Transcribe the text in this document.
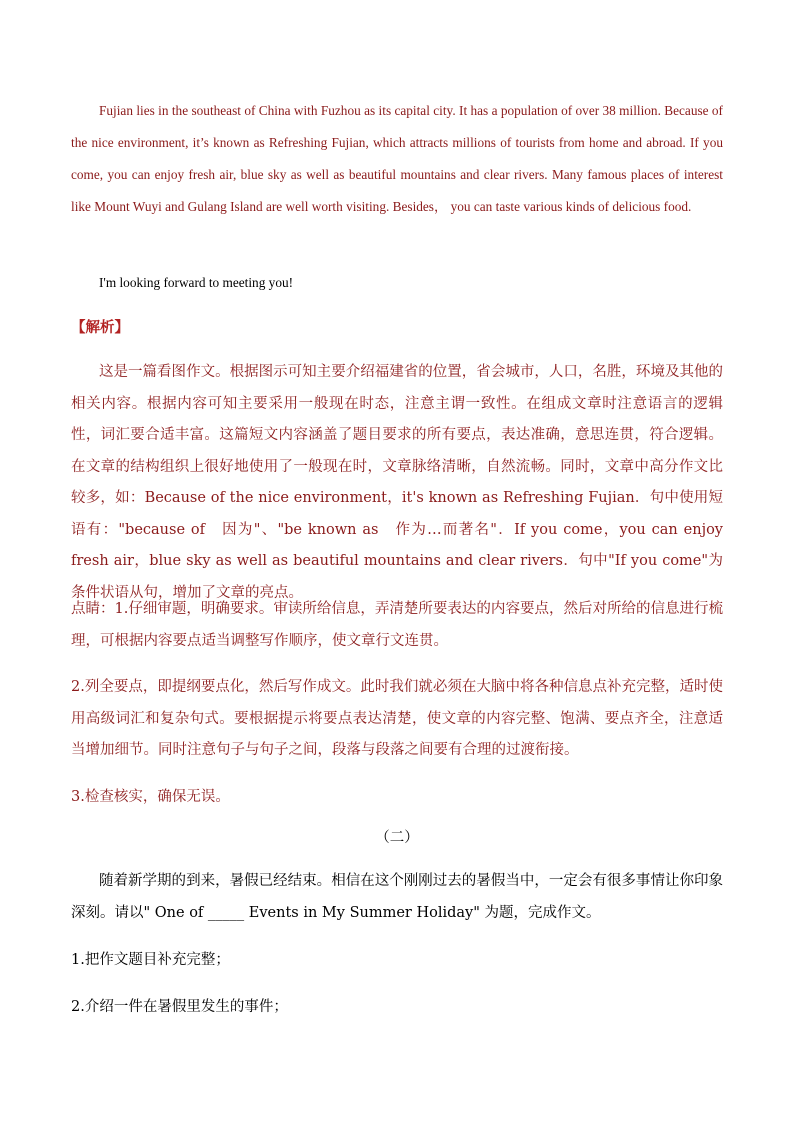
Fujian lies in the southeast of China with Fuzhou as its capital city. It has a population of over 38 million. Because of the nice environment, it’s known as Refreshing Fujian, which attracts millions of tourists from home and abroad. If you come, you can enjoy fresh air, blue sky as well as beautiful mountains and clear rivers. Many famous places of interest like Mount Wuyi and Gulang Island are well worth visiting. Besides， you can taste various kinds of delicious food.

I'm looking forward to meeting you!

【解析】

这是一篇看图作文。根据图示可知主要介绍福建省的位置，省会城市，人口，名胜，环境及其他的相关内容。根据内容可知主要采用一般现在时态，注意主谓一致性。在组成文章时注意语言的逻辑性，词汇要合适丰富。这篇短文内容涵盖了题目要求的所有要点，表达准确，意思连贯，符合逻辑。在文章的结构组织上很好地使用了一般现在时，文章脉络清晰，自然流畅。同时，文章中高分作文比较多，如：Because of the nice environment，it's known as Refreshing Fujian．句中使用短语有："because of　因为"、"be known as　作为…而著名"．If you come，you can enjoy fresh air，blue sky as well as beautiful mountains and clear rivers．句中"If you come"为条件状语从句，增加了文章的亮点。

点睛：1.仔细审题，明确要求。审读所给信息，弄清楚所要表达的内容要点，然后对所给的信息进行梳理，可根据内容要点适当调整写作顺序，使文章行文连贯。

2.列全要点，即提纲要点化，然后写作成文。此时我们就必须在大脑中将各种信息点补充完整，适时使用高级词汇和复杂句式。要根据提示将要点表达清楚，使文章的内容完整、饱满、要点齐全，注意适当增加细节。同时注意句子与句子之间，段落与段落之间要有合理的过渡衔接。

3.检查核实，确保无误。

（二）

随着新学期的到来，暑假已经结束。相信在这个刚刚过去的暑假当中，一定会有很多事情让你印象深刻。请以" One of _____ Events in My Summer Holiday" 为题，完成作文。

1.把作文题目补充完整；

2.介绍一件在暑假里发生的事件；
